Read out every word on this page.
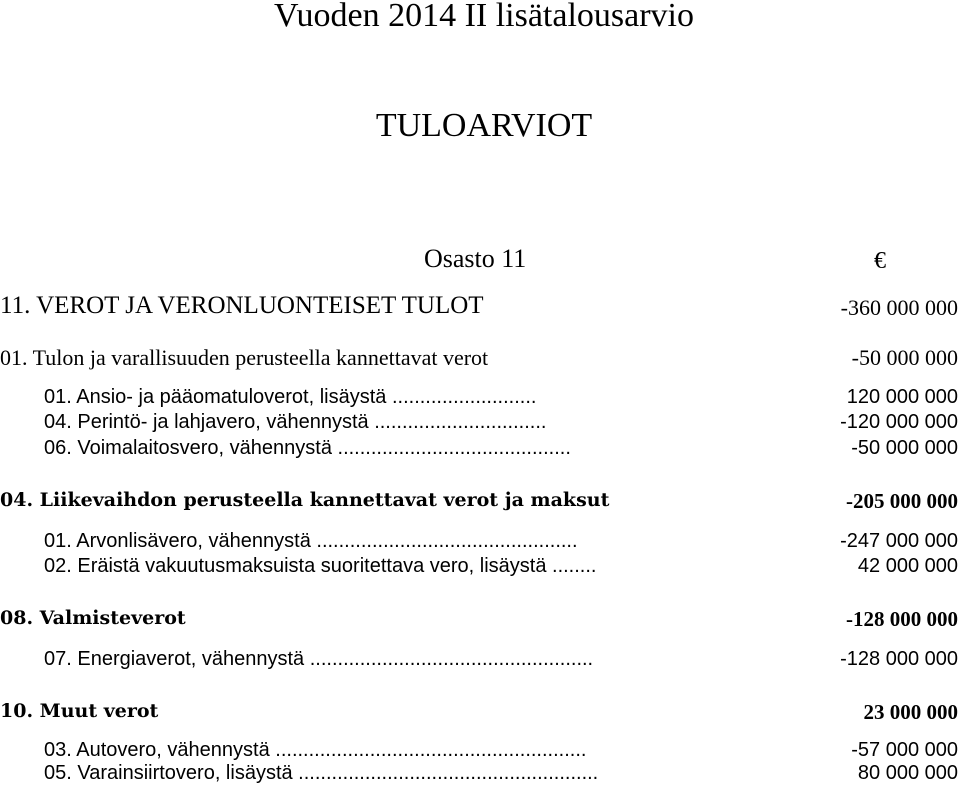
Vuoden 2014 II lisätalousarvio
TULOARVIOT
Osasto 11	€
11. VEROT JA VERONLUONTEISET TULOT	-360 000 000
01. Tulon ja varallisuuden perusteella kannettavat verot	-50 000 000
01. Ansio- ja pääomatuloverot, lisäystä ..........................	120 000 000
04. Perintö- ja lahjavero, vähennystä ...............................	-120 000 000
06. Voimalaitosvero, vähennystä ..........................................	-50 000 000
04. Liikevaihdon perusteella kannettavat verot ja maksut	-205 000 000
01. Arvonlisävero, vähennystä ...............................................	-247 000 000
02. Eräistä vakuutusmaksuista suoritettava vero, lisäystä ........	42 000 000
08. Valmisteverot	-128 000 000
07. Energiaverot, vähennystä ...................................................	-128 000 000
10. Muut verot	23 000 000
03. Autovero, vähennystä ........................................................	-57 000 000
05. Varainsiirtovero, lisäystä ......................................................	80 000 000
